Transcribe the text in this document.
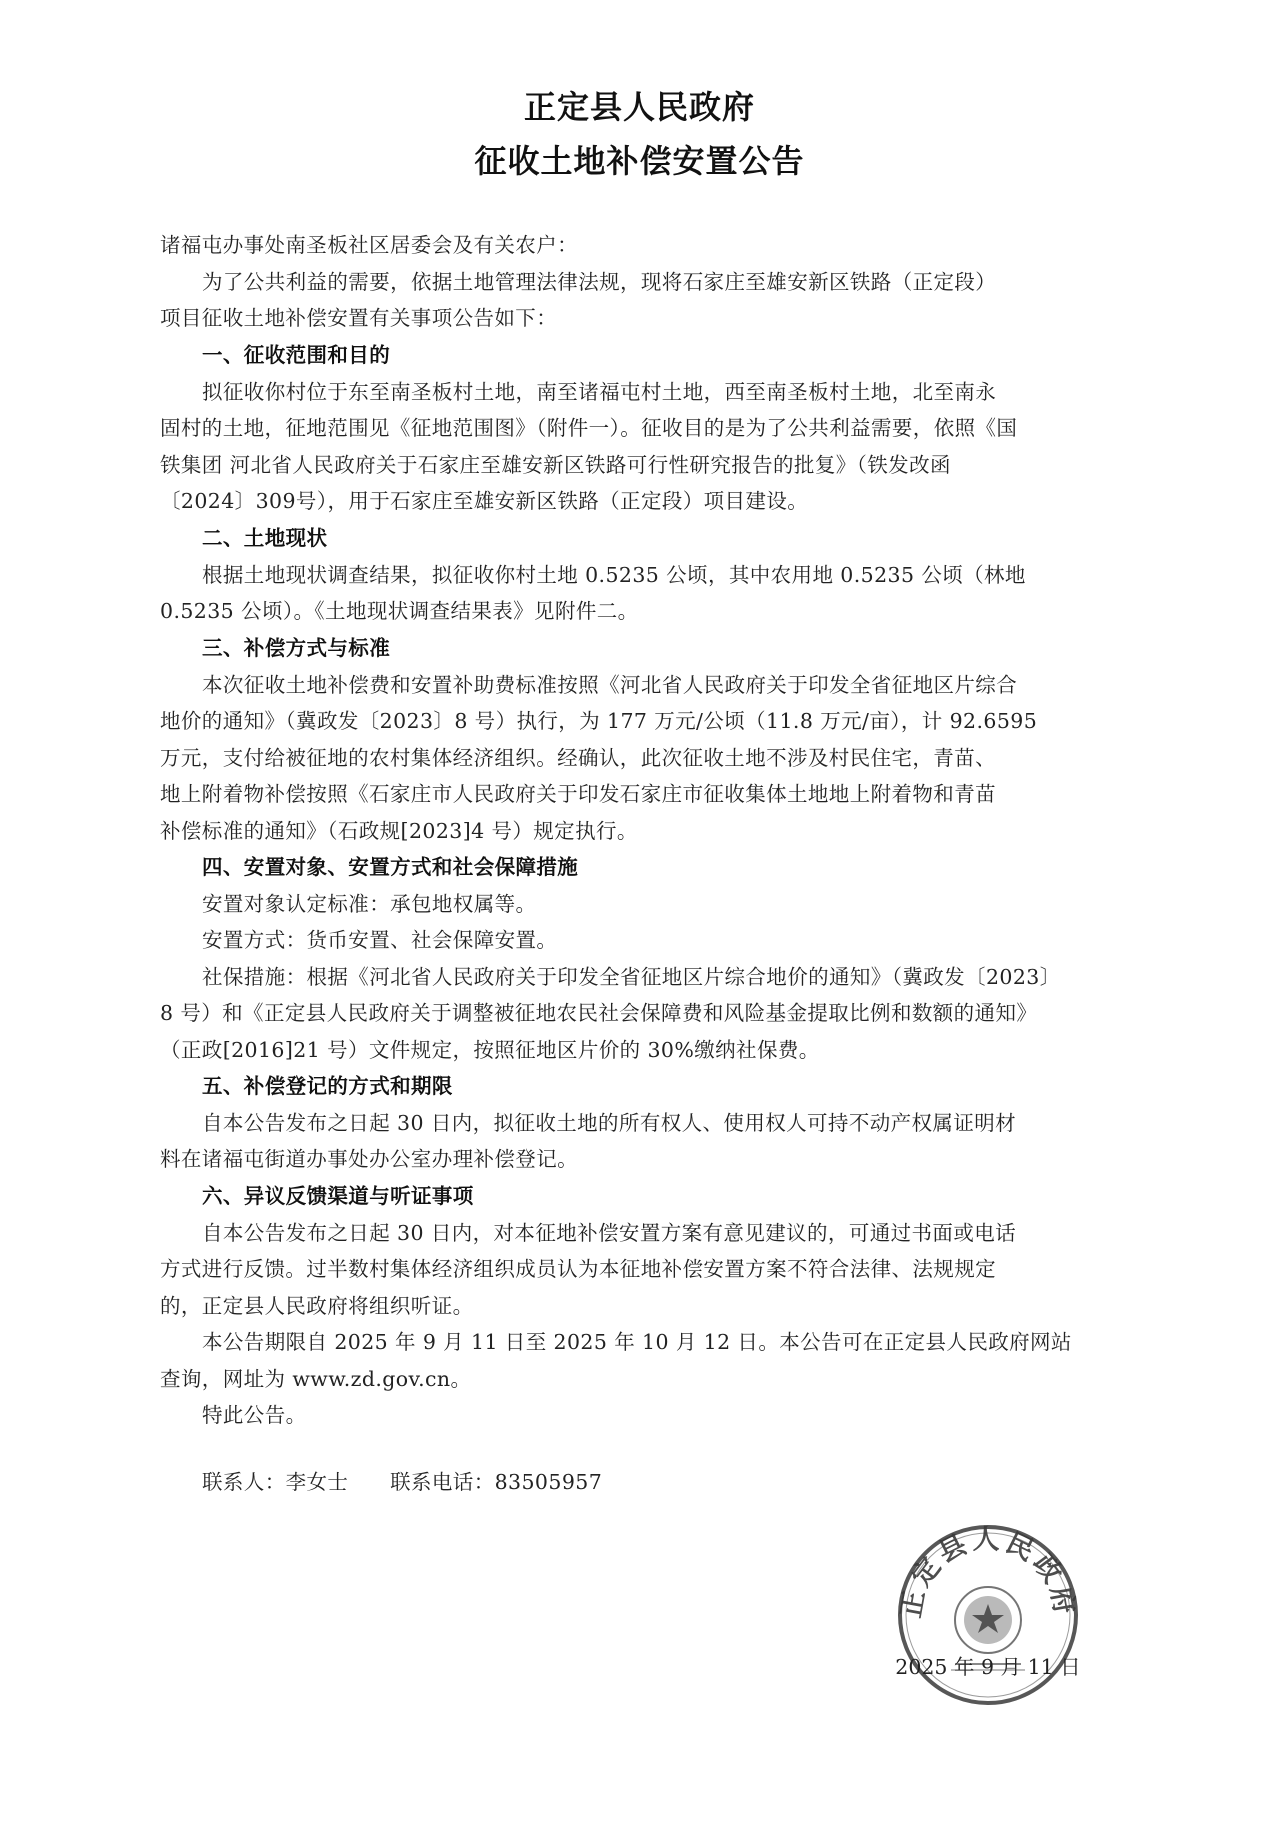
正定县人民政府
征收土地补偿安置公告
诸福屯办事处南圣板社区居委会及有关农户：
为了公共利益的需要，依据土地管理法律法规，现将石家庄至雄安新区铁路（正定段）
项目征收土地补偿安置有关事项公告如下：
一、征收范围和目的
拟征收你村位于东至南圣板村土地，南至诸福屯村土地，西至南圣板村土地，北至南永
固村的土地，征地范围见《征地范围图》（附件一）。征收目的是为了公共利益需要，依照《国
铁集团 河北省人民政府关于石家庄至雄安新区铁路可行性研究报告的批复》（铁发改函
〔2024〕309号），用于石家庄至雄安新区铁路（正定段）项目建设。
二、土地现状
根据土地现状调查结果，拟征收你村土地 0.5235 公顷，其中农用地 0.5235 公顷（林地
0.5235 公顷）。《土地现状调查结果表》见附件二。
三、补偿方式与标准
本次征收土地补偿费和安置补助费标准按照《河北省人民政府关于印发全省征地区片综合
地价的通知》（冀政发〔2023〕8 号）执行，为 177 万元/公顷（11.8 万元/亩），计 92.6595
万元，支付给被征地的农村集体经济组织。经确认，此次征收土地不涉及村民住宅，青苗、
地上附着物补偿按照《石家庄市人民政府关于印发石家庄市征收集体土地地上附着物和青苗
补偿标准的通知》（石政规[2023]4 号）规定执行。
四、安置对象、安置方式和社会保障措施
安置对象认定标准：承包地权属等。
安置方式：货币安置、社会保障安置。
社保措施：根据《河北省人民政府关于印发全省征地区片综合地价的通知》（冀政发〔2023〕
8 号）和《正定县人民政府关于调整被征地农民社会保障费和风险基金提取比例和数额的通知》
（正政[2016]21 号）文件规定，按照征地区片价的 30%缴纳社保费。
五、补偿登记的方式和期限
自本公告发布之日起 30 日内，拟征收土地的所有权人、使用权人可持不动产权属证明材
料在诸福屯街道办事处办公室办理补偿登记。
六、异议反馈渠道与听证事项
自本公告发布之日起 30 日内，对本征地补偿安置方案有意见建议的，可通过书面或电话
方式进行反馈。过半数村集体经济组织成员认为本征地补偿安置方案不符合法律、法规规定
的，正定县人民政府将组织听证。
本公告期限自 2025 年 9 月 11 日至 2025 年 10 月 12 日。本公告可在正定县人民政府网站
查询，网址为 www.zd.gov.cn。
特此公告。
联系人：李女士　　联系电话：83505957
正定县人民政府
2025 年 9 月 11 日
